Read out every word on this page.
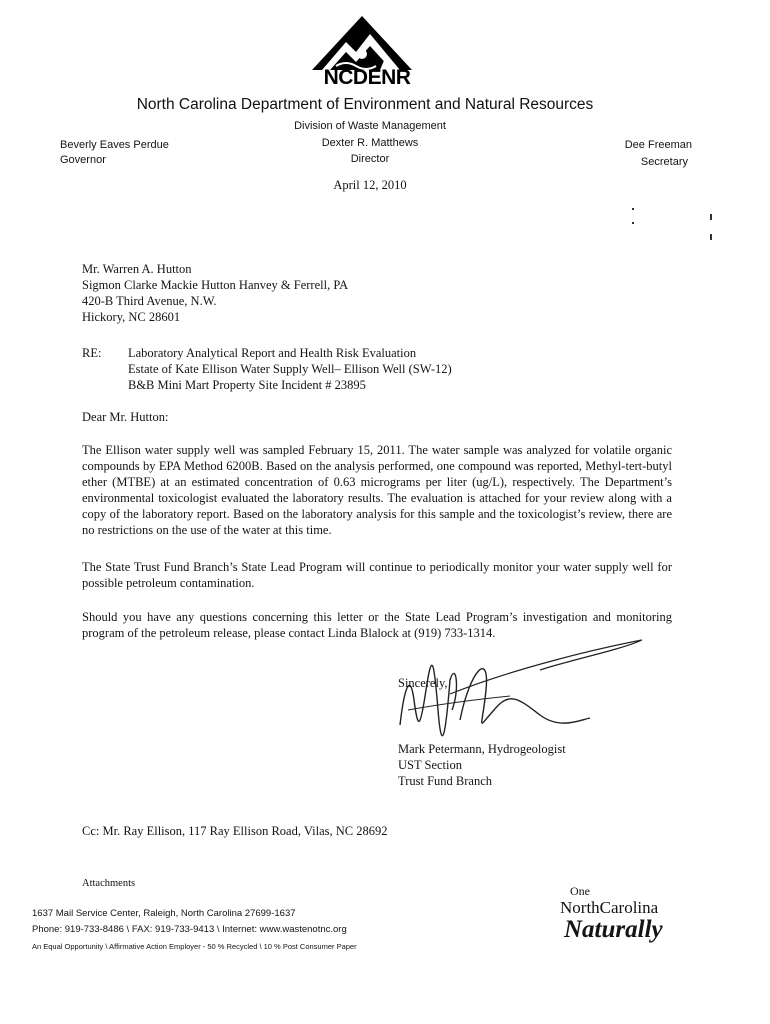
NCDENR
North Carolina Department of Environment and Natural Resources
Division of Waste Management
Dexter R. Matthews
Director
Beverly Eaves Perdue
Governor
Dee Freeman
Secretary
April 12, 2010
Mr. Warren A. Hutton
Sigmon Clarke Mackie Hutton Hanvey & Ferrell, PA
420-B Third Avenue, N.W.
Hickory, NC 28601
RE: Laboratory Analytical Report and Health Risk Evaluation
Estate of Kate Ellison Water Supply Well– Ellison Well (SW-12)
B&B Mini Mart Property Site Incident # 23895
Dear Mr. Hutton:

The Ellison water supply well was sampled February 15, 2011. The water sample was analyzed for volatile organic compounds by EPA Method 6200B. Based on the analysis performed, one compound was reported, Methyl-tert-butyl ether (MTBE) at an estimated concentration of 0.63 micrograms per liter (ug/L), respectively. The Department’s environmental toxicologist evaluated the laboratory results. The evaluation is attached for your review along with a copy of the laboratory report. Based on the laboratory analysis for this sample and the toxicologist’s review, there are no restrictions on the use of the water at this time.

The State Trust Fund Branch’s State Lead Program will continue to periodically monitor your water supply well for possible petroleum contamination.

Should you have any questions concerning this letter or the State Lead Program’s investigation and monitoring program of the petroleum release, please contact Linda Blalock at (919) 733-1314.

Sincerely,
Mark Petermann, Hydrogeologist
UST Section
Trust Fund Branch
Cc: Mr. Ray Ellison, 117 Ray Ellison Road, Vilas, NC 28692
Attachments
1637 Mail Service Center, Raleigh, North Carolina 27699-1637
Phone: 919-733-8486 \ FAX: 919-733-9413 \ Internet: www.wastenotnc.org
An Equal Opportunity \ Affirmative Action Employer - 50 % Recycled \ 10 % Post Consumer Paper
One
NorthCarolina
Naturally
